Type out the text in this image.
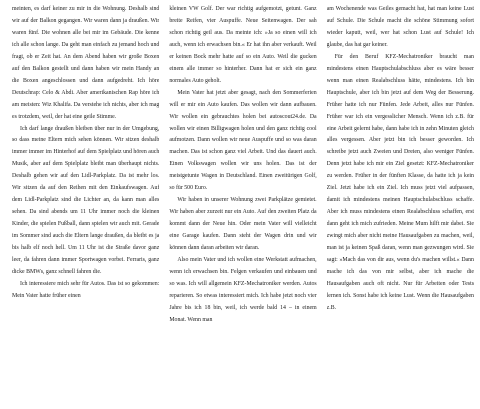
meinten, es darf keiner zu mir in die Wohnung. Deshalb sind wir auf der Balkon gegangen. Wir waren dann ja draußen. Wir waren fünf. Die wohnen alle bei mir im Gebäude. Die kenne ich alle schon lange. Da geht man einfach zu jemand hoch und fragt, ob er Zeit hat. An dem Abend haben wir große Boxen auf den Balkon gestellt und dann haben wir mein Handy an die Boxen angeschlossen und dann aufgedreht. Ich höre Deutschrap: Celo & Abdi. Aber amerikanischen Rap höre ich am meisten: Wiz Khalifa. Da verstehe ich nichts, aber ich mag es trotzdem, weil, der hat eine geile Stimme.

Ich darf lange draußen bleiben über nur in der Umgebung, so dass meine Eltern mich sehen können. Wir sitzen deshalb immer immer im Hinterhof auf dem Spielplatz und hören auch Musik, aber auf dem Spielplatz bleibt man überhaupt nichts. Deshalb gehen wir auf den Lidl-Parkplatz. Da ist mehr los. Wir sitzen da auf den Reihen mit den Einkaufswagen. Auf dem Lidl-Parkplatz sind die Lichter an, da kann man alles sehen. Da sind abends um 11 Uhr immer noch die kleinen Kinder, die spielen Fußball, dann spielen wir auch mit. Gerade im Sommer sind auch die Eltern lange draußen, da bleibt es ja bis halb elf noch hell. Um 11 Uhr ist die Straße davor ganz leer, da fahren dann immer Sportwagen vorbei. Ferraris, ganz dicke BMWs, ganz schnell fahren die.

Ich interessiere mich sehr für Autos. Das ist so gekommen: Mein Vater hatte früher einen

kleinen VW Golf. Der war richtig aufgemotzt, getunt. Ganz breite Reifen, vier Auspuffe. Neue Seitenwagen. Der sah schon richtig geil aus. Da meinte ich: »Ja so einen will ich auch, wenn ich erwachsen bin.« Er hat ihn aber verkauft. Weil er keinen Bock mehr hatte auf so ein Auto. Weil die gucken einem alle immer so hinterher. Dann hat er sich ein ganz normales Auto geholt.

Mein Vater hat jetzt aber gesagt, nach den Sommerferien will er mir ein Auto kaufen. Das wollen wir dann aufbauen. Wir wollen ein gebrauchtes holen bei autoscout24.de. Da wollen wir einen Billigwagen holen und den ganz richtig cool aufmotzen. Dann wollen wir neue Auspuffe und so was daran machen. Das ist schon ganz viel Arbeit. Und das dauert auch. Einen Volkswagen wollen wir uns holen. Das ist der meistgetunte Wagen in Deutschland. Einen zweitürigen Golf, so für 500 Euro.

Wir haben in unserer Wohnung zwei Parkplätze gemietet. Wir haben aber zurzeit nur ein Auto. Auf den zweiten Platz da kommt dann der Neue hin. Oder mein Vater will vielleicht eine Garage kaufen. Dann steht der Wagen drin und wir können dann daran arbeiten wir daran.

Also mein Vater und ich wollen eine Werkstatt aufmachen, wenn ich erwachsen bin. Felgen verkaufen und einbauen und so was. Ich will allgemein KFZ-Mechatroniker werden. Autos reparieren. So etwas interessiert mich. Ich habe jetzt noch vier Jahre bis ich 18 bin, weil, ich werde bald 14 – in einem Monat. Wenn man

am Wochenende was Geiles gemacht hat, hat man keine Lust auf Schule. Die Schule macht die schöne Stimmung sofort wieder kaputt, weil, wer hat schon Lust auf Schule! Ich glaube, das hat gar keiner.

Für den Beruf KFZ-Mechatroniker braucht man mindestens einen Hauptschulabschluss aber es wäre besser wenn man einen Realabschluss hätte, mindestens. Ich bin Hauptschule, aber ich bin jetzt auf dem Weg der Besserung. Früher hatte ich nur Fünfen. Jede Arbeit, alles nur Fünfen. Früher war ich ein vergesslicher Mensch. Wenn ich z.B. für eine Arbeit gelernt habe, dann habe ich in zehn Minuten gleich alles vergessen. Aber jetzt bin ich besser geworden. Ich schreibe jetzt auch Zweien und Dreien, also weniger Fünfen. Denn jetzt habe ich mir ein Ziel gesetzt: KFZ-Mechatroniker zu werden. Früher in der fünften Klasse, da hatte ich ja kein Ziel. Jetzt habe ich ein Ziel. Ich muss jetzt viel aufpassen, damit ich mindestens meinen Hauptschulabschluss schaffe. Aber ich muss mindestens einen Realabschluss schaffen, erst dann geht ich mich zufrieden. Meine Mum hilft mir dabei. Sie zwingt mich aber nicht meine Hausaufgaben zu machen, weil, man ist ja keinen Spaß daran, wenn man gezwungen wird. Sie sagt: »Mach das von dir aus, wenn du's machen willst.« Dann mache ich das von mir selbst, aber ich mache die Hausaufgaben auch oft nicht. Nur für Arbeiten oder Tests lernen ich. Sonst habe ich keine Lust. Wenn die Hausaufgaben z.B.
